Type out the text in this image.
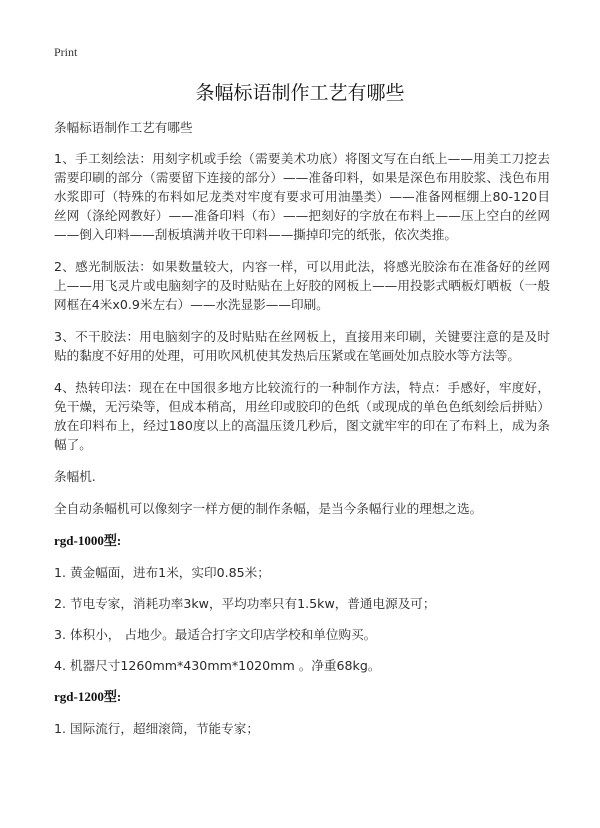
Print
条幅标语制作工艺有哪些

条幅标语制作工艺有哪些

1、手工刻绘法：用刻字机或手绘（需要美术功底）将图文写在白纸上——用美工刀挖去需要印刷的部分（需要留下连接的部分）——准备印料，如果是深色布用胶浆、浅色布用水浆即可（特殊的布料如尼龙类对牢度有要求可用油墨类）——准备网框绷上80-120目丝网（涤纶网教好）——准备印料（布）——把刻好的字放在布料上——压上空白的丝网——倒入印料——刮板填满并收干印料——撕掉印完的纸张，依次类推。

2、感光制版法：如果数量较大，内容一样，可以用此法，将感光胶涂布在准备好的丝网上——用飞灵片或电脑刻字的及时贴贴在上好胶的网板上——用投影式晒板灯晒板（一般网框在4米x0.9米左右）——水洗显影——印刷。

3、不干胶法：用电脑刻字的及时贴贴在丝网板上，直接用来印刷，关键要注意的是及时贴的黏度不好用的处理，可用吹风机使其发热后压紧或在笔画处加点胶水等方法等。

4、热转印法：现在在中国很多地方比较流行的一种制作方法，特点：手感好，牢度好，免干燥，无污染等，但成本稍高，用丝印或胶印的色纸（或现成的单色色纸刻绘后拼贴）放在印料布上，经过180度以上的高温压烫几秒后，图文就牢牢的印在了布料上，成为条幅了。

条幅机.

全自动条幅机可以像刻字一样方便的制作条幅，是当今条幅行业的理想之选。

rgd-1000型:

1. 黄金幅面，进布1米，实印0.85米；

2. 节电专家，消耗功率3kw，平均功率只有1.5kw，普通电源及可；

3. 体积小， 占地少。最适合打字文印店学校和单位购买。

4. 机器尺寸1260mm*430mm*1020mm 。净重68kg。

rgd-1200型:

1. 国际流行，超细滚筒，节能专家；
